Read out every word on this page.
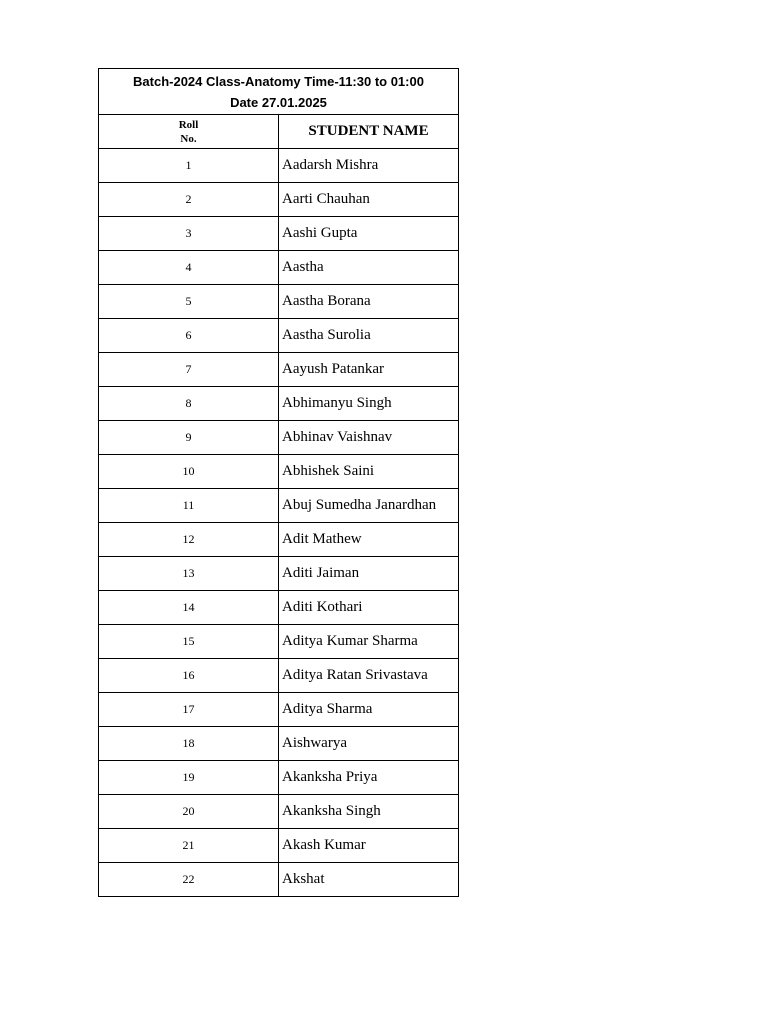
Batch-2024 Class-Anatomy Time-11:30 to 01:00
Date 27.01.2025	

Roll
No.	STUDENT NAME
1	Aadarsh Mishra
2	Aarti Chauhan
3	Aashi Gupta
4	Aastha
5	Aastha Borana
6	Aastha Surolia
7	Aayush Patankar
8	Abhimanyu Singh
9	Abhinav Vaishnav
10	Abhishek Saini
11	Abuj Sumedha Janardhan
12	Adit Mathew
13	Aditi Jaiman
14	Aditi Kothari
15	Aditya Kumar Sharma
16	Aditya Ratan Srivastava
17	Aditya Sharma
18	Aishwarya
19	Akanksha Priya
20	Akanksha Singh
21	Akash Kumar
22	Akshat
